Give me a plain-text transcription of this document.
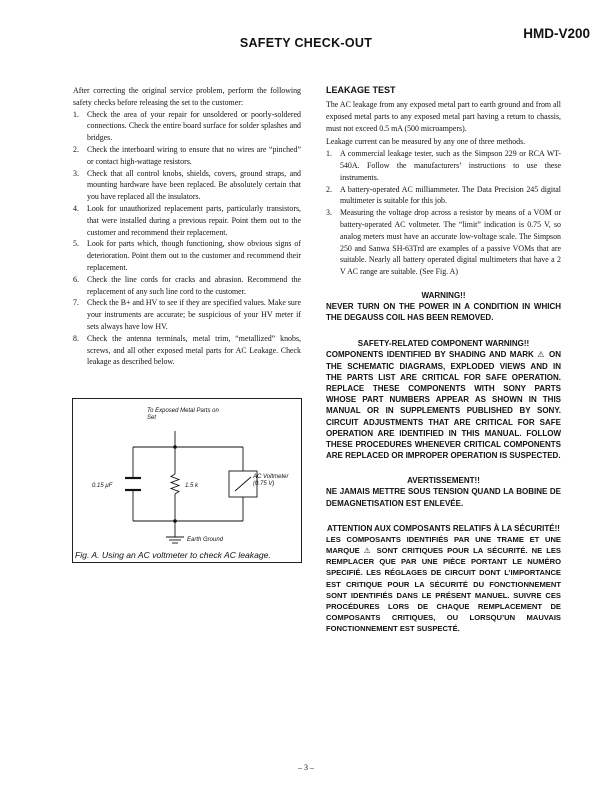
HMD-V200
SAFETY CHECK-OUT

After correcting the original service problem, perform the following safety checks before releasing the set to the customer:

1. Check the area of your repair for unsoldered or poorly-soldered connections. Check the entire board surface for solder splashes and bridges.
2. Check the interboard wiring to ensure that no wires are “pinched” or contact high-wattage resistors.
3. Check that all control knobs, shields, covers, ground straps, and mounting hardware have been replaced. Be absolutely certain that you have replaced all the insulators.
4. Look for unauthorized replacement parts, particularly transistors, that were installed during a previous repair. Point them out to the customer and recommend their replacement.
5. Look for parts which, though functioning, show obvious signs of deterioration. Point them out to the customer and recommend their replacement.
6. Check the line cords for cracks and abrasion. Recommend the replacement of any such line cord to the customer.
7. Check the B+ and HV to see if they are specified values. Make sure your instruments are accurate; be suspicious of your HV meter if sets always have low HV.
8. Check the antenna terminals, metal trim, “metallized” knobs, screws, and all other exposed metal parts for AC Leakage. Check leakage as described below.
To Exposed Metal Parts on Set
0.15 μF	1.5 k
AC Voltmeter (0.75 V)
Earth Ground
Fig. A. Using an AC voltmeter to check AC leakage.
LEAKAGE TEST

The AC leakage from any exposed metal part to earth ground and from all exposed metal parts to any exposed metal part having a return to chassis, must not exceed 0.5 mA (500 microampers).

Leakage current can be measured by any one of three methods.

1. A commercial leakage tester, such as the Simpson 229 or RCA WT-540A. Follow the manufacturers’ instructions to use these instruments.
2. A battery-operated AC milliammeter. The Data Precision 245 digital multimeter is suitable for this job.
3. Measuring the voltage drop across a resistor by means of a VOM or battery-operated AC voltmeter. The “limit” indication is 0.75 V, so analog meters must have an accurate low-voltage scale. The Simpson 250 and Sanwa SH-63Trd are examples of a passive VOMs that are suitable. Nearly all battery operated digital multimeters that have a 2 V AC range are suitable. (See Fig. A)
WARNING!!
NEVER TURN ON THE POWER IN A CONDITION IN WHICH THE DEGAUSS COIL HAS BEEN REMOVED.
SAFETY-RELATED COMPONENT WARNING!!
COMPONENTS IDENTIFIED BY SHADING AND MARK ⚠ ON THE SCHEMATIC DIAGRAMS, EXPLODED VIEWS AND IN THE PARTS LIST ARE CRITICAL FOR SAFE OPERATION. REPLACE THESE COMPONENTS WITH SONY PARTS WHOSE PART NUMBERS APPEAR AS SHOWN IN THIS MANUAL OR IN SUPPLEMENTS PUBLISHED BY SONY. CIRCUIT ADJUSTMENTS THAT ARE CRITICAL FOR SAFE OPERATION ARE IDENTIFIED IN THIS MANUAL. FOLLOW THESE PROCEDURES WHENEVER CRITICAL COMPONENTS ARE REPLACED OR IMPROPER OPERATION IS SUSPECTED.
AVERTISSEMENT!!
NE JAMAIS METTRE SOUS TENSION QUAND LA BOBINE DE DEMAGNETISATION EST ENLEVÉE.
ATTENTION AUX COMPOSANTS RELATIFS À LA SÉCURITÉ!!
LES COMPOSANTS IDENTIFIÉS PAR UNE TRAME ET UNE MARQUE ⚠ SONT CRITIQUES POUR LA SÉCURITÉ. NE LES REMPLACER QUE PAR UNE PIÈCE PORTANT LE NUMÉRO SPECIFIÉ. LES RÉGLAGES DE CIRCUIT DONT L’IMPORTANCE EST CRITIQUE POUR LA SÉCURITÉ DU FONCTIONNEMENT SONT IDENTIFIÉS DANS LE PRÉSENT MANUEL. SUIVRE CES PROCÉDURES LORS DE CHAQUE REMPLACEMENT DE COMPOSANTS CRITIQUES, OU LORSQU’UN MAUVAIS FONCTIONNEMENT EST SUSPECTÉ.
– 3 –
